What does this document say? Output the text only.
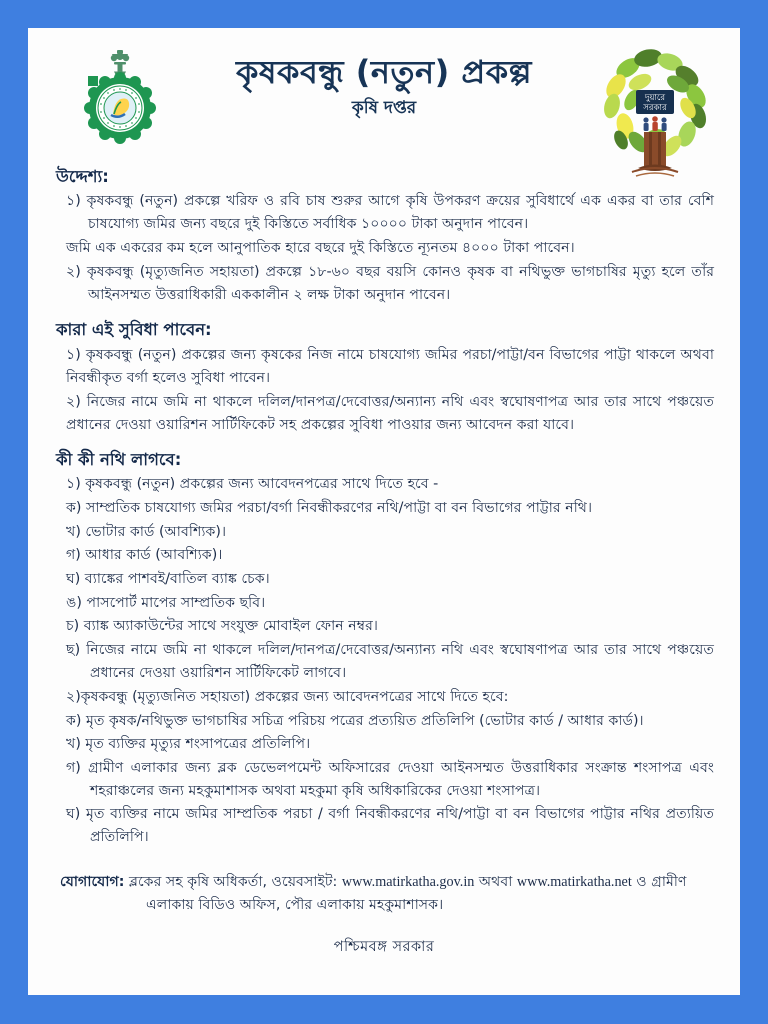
দুয়ারে
সরকার
কৃষকবন্ধু (নতুন) প্রকল্প
কৃষি দপ্তর
উদ্দেশ্য:

১) কৃষকবন্ধু (নতুন) প্রকল্পে খরিফ ও রবি চাষ শুরুর আগে কৃষি উপকরণ ক্রয়ের সুবিধার্থে এক একর বা তার বেশি চাষযোগ্য জমির জন্য বছরে দুই কিস্তিতে সর্বাধিক ১০০০০ টাকা অনুদান পাবেন।

জমি এক একরের কম হলে আনুপাতিক হারে বছরে দুই কিস্তিতে ন্যূনতম ৪০০০ টাকা পাবেন।

২) কৃষকবন্ধু (মৃত্যুজনিত সহায়তা) প্রকল্পে ১৮-৬০ বছর বয়সি কোনও কৃষক বা নথিভুক্ত ভাগচাষির মৃত্যু হলে তাঁর আইনসম্মত উত্তরাধিকারী এককালীন ২ লক্ষ টাকা অনুদান পাবেন।

কারা এই সুবিধা পাবেন:

১) কৃষকবন্ধু (নতুন) প্রকল্পের জন্য কৃষকের নিজ নামে চাষযোগ্য জমির পরচা/পাট্টা/বন বিভাগের পাট্টা থাকলে অথবা নিবন্ধীকৃত বর্গা হলেও সুবিধা পাবেন।

২) নিজের নামে জমি না থাকলে দলিল/দানপত্র/দেবোত্তর/অন্যান্য নথি এবং স্বঘোষণাপত্র আর তার সাথে পঞ্চয়েত প্রধানের দেওয়া ওয়ারিশন সার্টিফিকেট সহ প্রকল্পের সুবিধা পাওয়ার জন্য আবেদন করা যাবে।

কী কী নথি লাগবে:

১) কৃষকবন্ধু (নতুন) প্রকল্পের জন্য আবেদনপত্রের সাথে দিতে হবে -

ক) সাম্প্রতিক চাষযোগ্য জমির পরচা/বর্গা নিবন্ধীকরণের নথি/পাট্টা বা বন বিভাগের পাট্টার নথি।

খ) ভোটার কার্ড (আবশ্যিক)।

গ) আধার কার্ড (আবশ্যিক)।

ঘ) ব্যাঙ্কের পাশবই/বাতিল ব্যাঙ্ক চেক।

ঙ) পাসপোর্ট মাপের সাম্প্রতিক ছবি।

চ) ব্যাঙ্ক অ্যাকাউন্টের সাথে সংযুক্ত মোবাইল ফোন নম্বর।

ছ) নিজের নামে জমি না থাকলে দলিল/দানপত্র/দেবোত্তর/অন্যান্য নথি এবং স্বঘোষণাপত্র আর তার সাথে পঞ্চয়েত প্রধানের দেওয়া ওয়ারিশন সার্টিফিকেট লাগবে।

২)কৃষকবন্ধু (মৃত্যুজনিত সহায়তা) প্রকল্পের জন্য আবেদনপত্রের সাথে দিতে হবে:

ক) মৃত কৃষক/নথিভুক্ত ভাগচাষির সচিত্র পরিচয় পত্রের প্রত্যয়িত প্রতিলিপি (ভোটার কার্ড / আধার কার্ড)।

খ) মৃত ব্যক্তির মৃত্যুর শংসাপত্রের প্রতিলিপি।

গ) গ্রামীণ এলাকার জন্য ব্লক ডেভেলপমেন্ট অফিসারের দেওয়া আইনসম্মত উত্তরাধিকার সংক্রান্ত শংসাপত্র এবং শহরাঞ্চলের জন্য মহকুমাশাসক অথবা মহকুমা কৃষি অধিকারিকের দেওয়া শংসাপত্র।

ঘ) মৃত ব্যক্তির নামে জমির সাম্প্রতিক পরচা / বর্গা নিবন্ধীকরণের নথি/পাট্টা বা বন বিভাগের পাট্টার নথির প্রত্যয়িত প্রতিলিপি।

যোগাযোগ: ব্লকের সহ কৃষি অধিকর্তা, ওয়েবসাইট: www.matirkatha.gov.in অথবা www.matirkatha.net ও গ্রামীণ এলাকায় বিডিও অফিস, পৌর এলাকায় মহকুমাশাসক।
পশ্চিমবঙ্গ সরকার
